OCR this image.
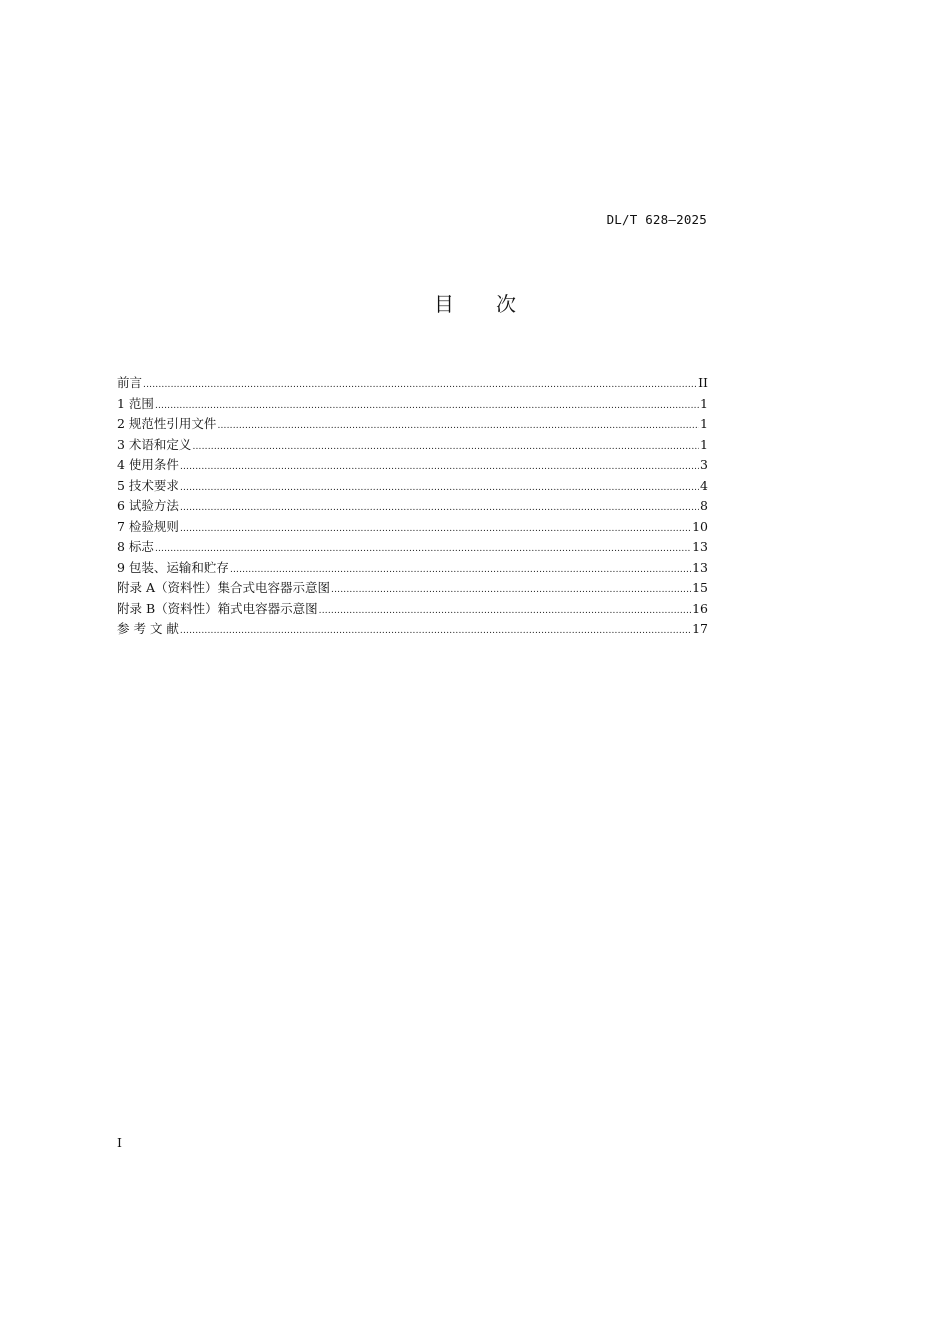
DL/T 628—2025
目 次
前言 .....	II
1 范围 .....	1
2 规范性引用文件 .....	1
3 术语和定义 .....	1
4 使用条件 .....	3
5 技术要求 .....	4
6 试验方法 .....	8
7 检验规则 .....	10
8 标志 .....	13
9 包装、运输和贮存 .....	13
附录 A（资料性）集合式电容器示意图 .....	15
附录 B（资料性）箱式电容器示意图 .....	16
参 考 文 献 .....	17
I
